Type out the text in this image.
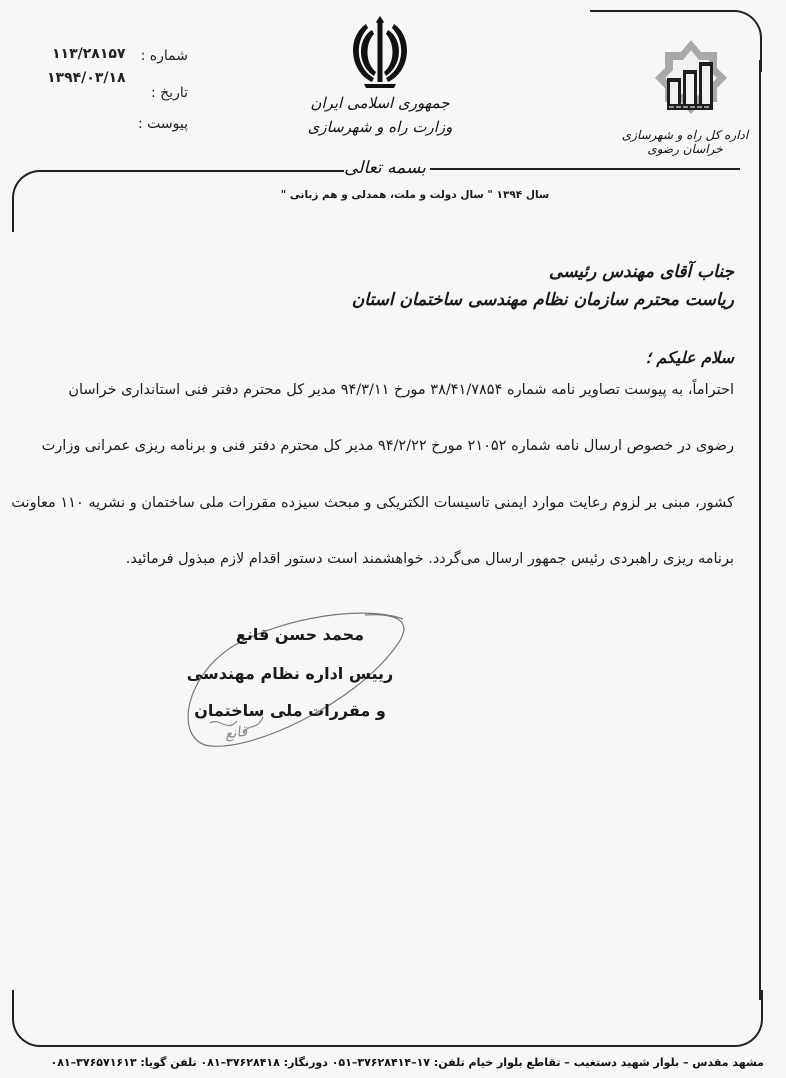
شماره :
۱۱۳/۲۸۱۵۷
تاریخ :
۱۳۹۴/۰۳/۱۸
پیوست :
جمهوری اسلامی ایران
وزارت راه و شهرسازی	اداره کل راه و شهرسازی خراسان رضوی
بسمه تعالی
سال ۱۳۹۴ " سال دولت و ملت، همدلی و هم زبانی "
جناب آقای مهندس رئیسی
ریاست محترم سازمان نظام مهندسی ساختمان استان
سلام علیکم ؛
احتراماً، به پیوست تصاویر نامه شماره ۳۸/۴۱/۷۸۵۴ مورخ ۹۴/۳/۱۱ مدیر کل محترم دفتر فنی استانداری خراسان
رضوی در خصوص ارسال نامه شماره ۲۱۰۵۲ مورخ ۹۴/۲/۲۲ مدیر کل محترم دفتر فنی و برنامه ریزی عمرانی وزارت
کشور، مبنی بر لزوم رعایت موارد ایمنی تاسیسات الکتریکی و مبحث سیزده مقررات ملی ساختمان و نشریه ۱۱۰ معاونت
برنامه ریزی راهبردی رئیس جمهور ارسال می‌گردد. خواهشمند است دستور اقدام لازم مبذول فرمائید.
محمد حسن قانع
رییس اداره نظام مهندسی
و مقررات ملی ساختمان
قانع
مشهد مقدس – بلوار شهید دستغیب – تقاطع بلوار خیام تلفن: ۱۷–۳۷۶۲۸۴۱۴–۰۵۱ دورنگار: ۳۷۶۲۸۴۱۸–۰۸۱ تلفن گویا: ۳۷۶۵۷۱۶۱۳–۰۸۱
